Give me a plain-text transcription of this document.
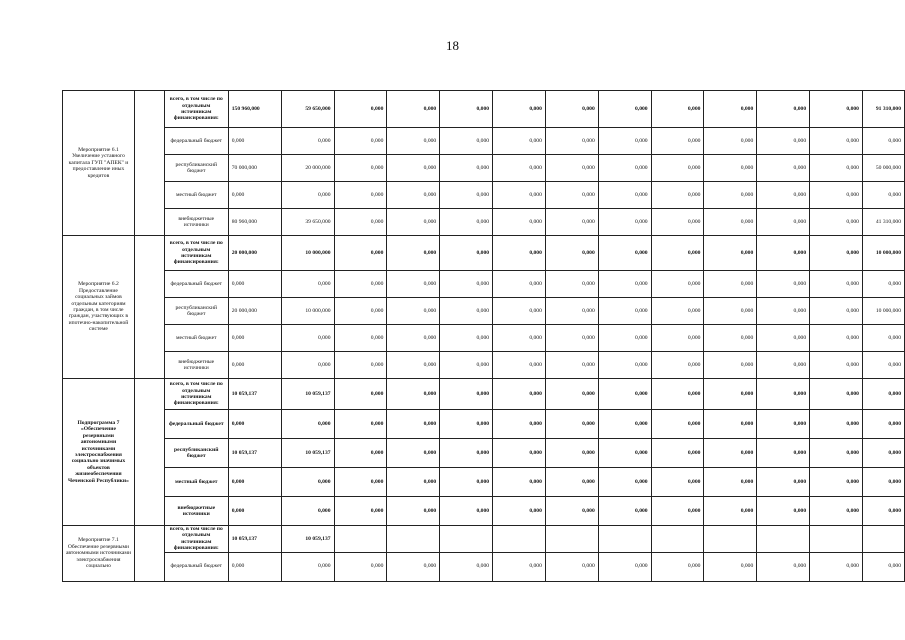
18
Мероприятие 6.1 Увеличение уставного капитала ГУП "АПЕК" и предоставление иных кредитов		всего, в том числе по отдельным источникам финансирования:	150 960,000	59 650,000	0,000	0,000	0,000	0,000	0,000	0,000	0,000	0,000	0,000	0,000	91 310,000
		федеральный бюджет	0,000	0,000	0,000	0,000	0,000	0,000	0,000	0,000	0,000	0,000	0,000	0,000	0,000
		республиканский бюджет	70 000,000	20 000,000	0,000	0,000	0,000	0,000	0,000	0,000	0,000	0,000	0,000	0,000	50 000,000
		местный бюджет	0,000	0,000	0,000	0,000	0,000	0,000	0,000	0,000	0,000	0,000	0,000	0,000	0,000
		внебюджетные источники	80 960,000	39 650,000	0,000	0,000	0,000	0,000	0,000	0,000	0,000	0,000	0,000	0,000	41 310,000
Мероприятие 6.2 Предоставление социальных займов отдельным категориям граждан, в том числе граждан, участвующих в ипотечно-накопительной системе		всего, в том числе по отдельным источникам финансирования:	20 000,000	10 000,000	0,000	0,000	0,000	0,000	0,000	0,000	0,000	0,000	0,000	0,000	10 000,000
		федеральный бюджет	0,000	0,000	0,000	0,000	0,000	0,000	0,000	0,000	0,000	0,000	0,000	0,000	0,000
		республиканский бюджет	20 000,000	10 000,000	0,000	0,000	0,000	0,000	0,000	0,000	0,000	0,000	0,000	0,000	10 000,000
		местный бюджет	0,000	0,000	0,000	0,000	0,000	0,000	0,000	0,000	0,000	0,000	0,000	0,000	0,000
		внебюджетные источники	0,000	0,000	0,000	0,000	0,000	0,000	0,000	0,000	0,000	0,000	0,000	0,000	0,000
Подпрограмма 7 «Обеспечение резервными автономными источниками электроснабжения социально значимых объектов жизнеобеспечения Чеченской Республики»		всего, в том числе по отдельным источникам финансирования:	10 059,137	10 059,137	0,000	0,000	0,000	0,000	0,000	0,000	0,000	0,000	0,000	0,000	0,000
		федеральный бюджет	0,000	0,000	0,000	0,000	0,000	0,000	0,000	0,000	0,000	0,000	0,000	0,000	0,000
		республиканский бюджет	10 059,137	10 059,137	0,000	0,000	0,000	0,000	0,000	0,000	0,000	0,000	0,000	0,000	0,000
		местный бюджет	0,000	0,000	0,000	0,000	0,000	0,000	0,000	0,000	0,000	0,000	0,000	0,000	0,000
		внебюджетные источники	0,000	0,000	0,000	0,000	0,000	0,000	0,000	0,000	0,000	0,000	0,000	0,000	0,000
Мероприятие 7.1 Обеспечение резервными автономными источниками электроснабжения социально		всего, в том числе по отдельным источникам финансирования:	10 059,137	10 059,137											
		федеральный бюджет	0,000	0,000	0,000	0,000	0,000	0,000	0,000	0,000	0,000	0,000	0,000	0,000	0,000
